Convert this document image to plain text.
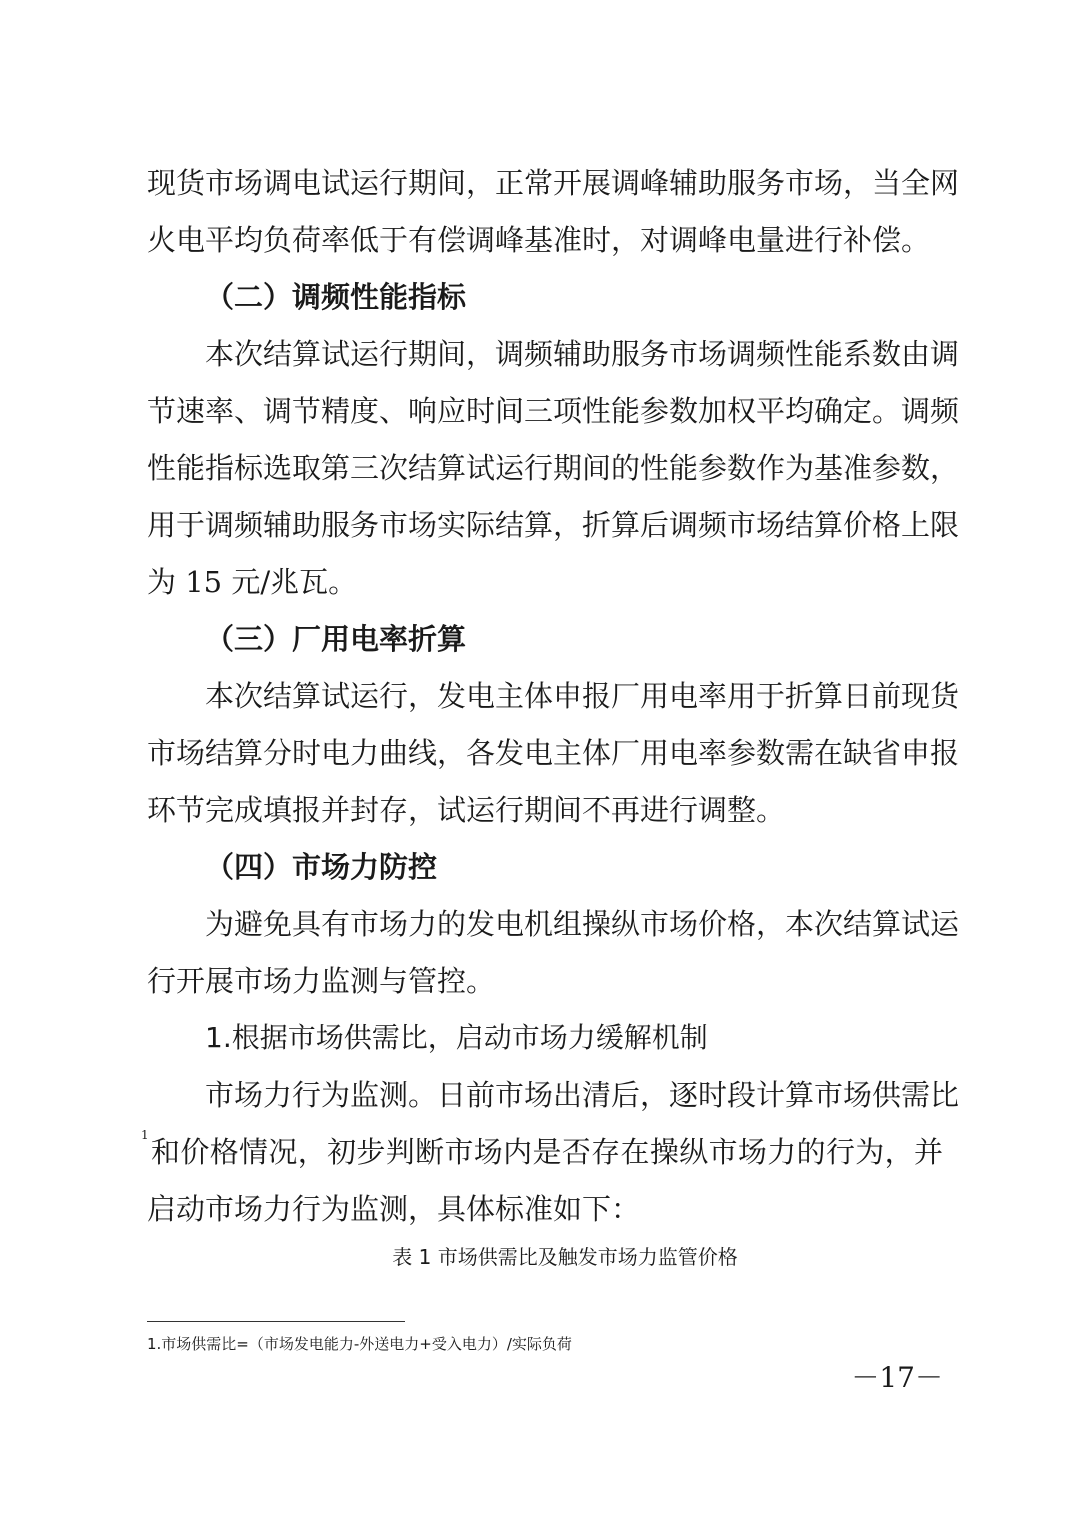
现货市场调电试运行期间，正常开展调峰辅助服务市场，当全网
火电平均负荷率低于有偿调峰基准时，对调峰电量进行补偿。
（二）调频性能指标
本次结算试运行期间，调频辅助服务市场调频性能系数由调
节速率、调节精度、响应时间三项性能参数加权平均确定。调频
性能指标选取第三次结算试运行期间的性能参数作为基准参数，
用于调频辅助服务市场实际结算，折算后调频市场结算价格上限
为 15 元/兆瓦。
（三）厂用电率折算
本次结算试运行，发电主体申报厂用电率用于折算日前现货
市场结算分时电力曲线，各发电主体厂用电率参数需在缺省申报
环节完成填报并封存，试运行期间不再进行调整。
（四）市场力防控
为避免具有市场力的发电机组操纵市场价格，本次结算试运
行开展市场力监测与管控。
1.根据市场供需比，启动市场力缓解机制
市场力行为监测。日前市场出清后，逐时段计算市场供需比
1 和价格情况，初步判断市场内是否存在操纵市场力的行为，并
启动市场力行为监测，具体标准如下：
表 1 市场供需比及触发市场力监管价格
1.市场供需比=（市场发电能力-外送电力+受入电力）/实际负荷
－17－
